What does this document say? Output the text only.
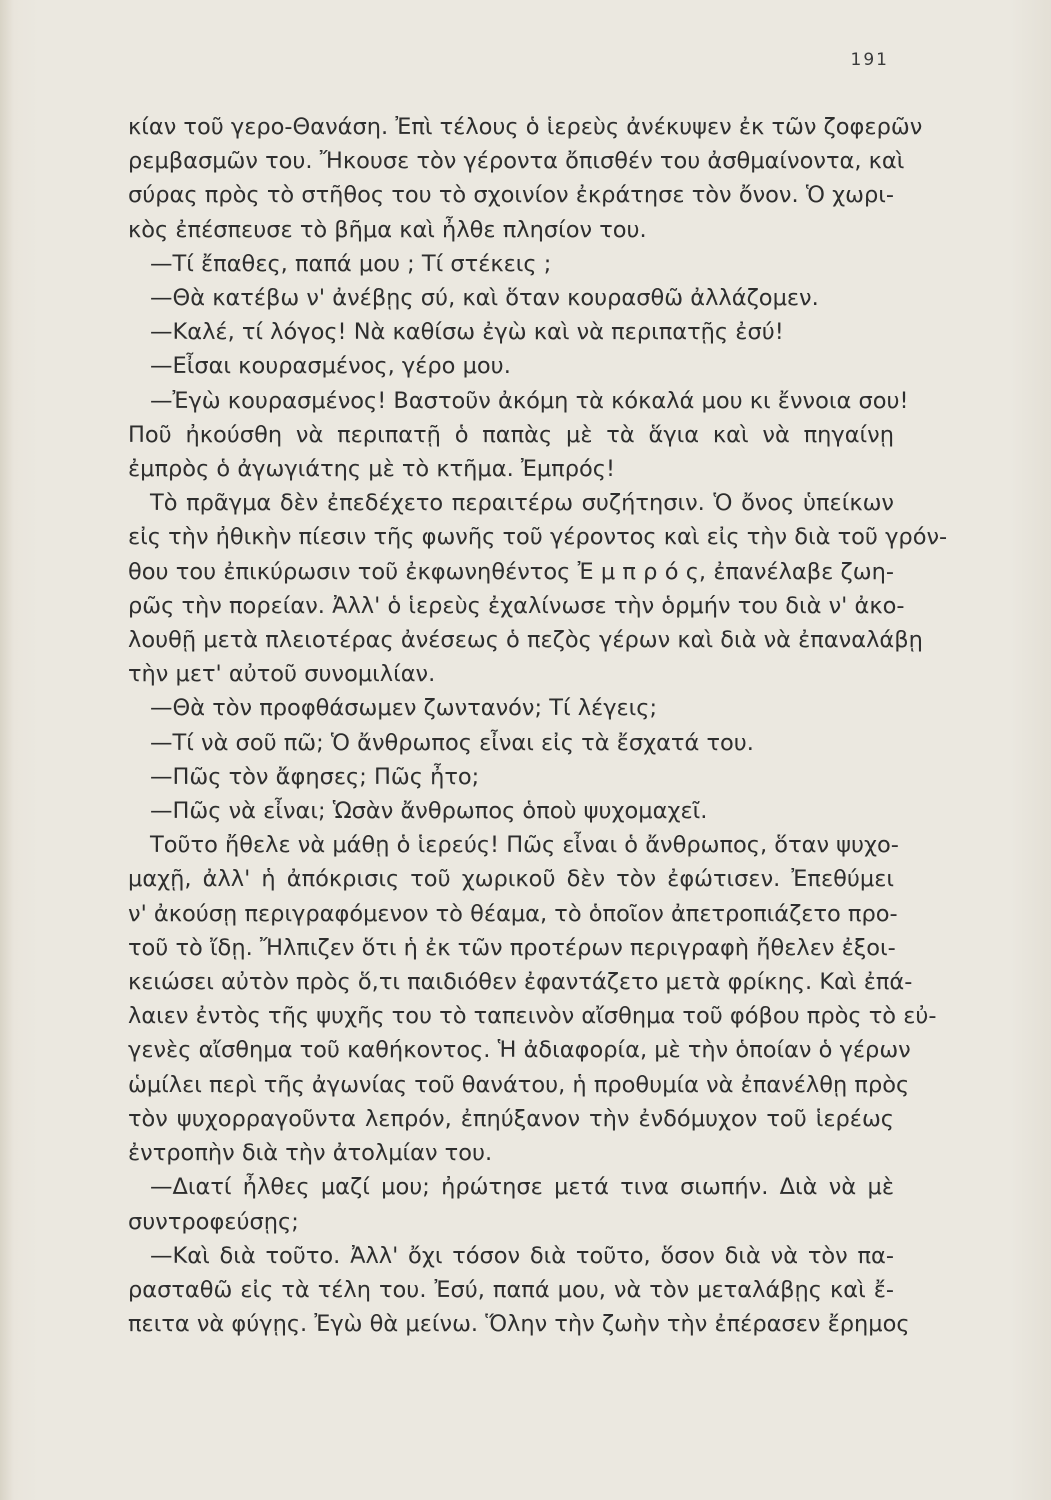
191
κίαν τοῦ γερο-Θανάση. Ἐπὶ τέλους ὁ ἱερεὺς ἀνέκυψεν ἐκ τῶν ζοφερῶν
ρεμβασμῶν του. Ἤκουσε τὸν γέροντα ὄπισθέν του ἀσθμαίνοντα, καὶ
σύρας πρὸς τὸ στῆθος του τὸ σχοινίον ἐκράτησε τὸν ὄνον. Ὁ χωρι-
κὸς ἐπέσπευσε τὸ βῆμα καὶ ἦλθε πλησίον του.
—Τί ἔπαθες, παπά μου ; Τί στέκεις ;
—Θὰ κατέβω ν' ἀνέβῃς σύ, καὶ ὅταν κουρασθῶ ἀλλάζομεν.
—Καλέ, τί λόγος! Νὰ καθίσω ἐγὼ καὶ νὰ περιπατῇς ἐσύ!
—Εἶσαι κουρασμένος, γέρο μου.
—Ἐγὼ κουρασμένος! Βαστοῦν ἀκόμη τὰ κόκαλά μου κι ἔννοια σου!
Ποῦ ἠκούσθη νὰ περιπατῇ ὁ παπὰς μὲ τὰ ἅγια καὶ νὰ πηγαίνῃ
ἐμπρὸς ὁ ἀγωγιάτης μὲ τὸ κτῆμα. Ἐμπρός!
Τὸ πρᾶγμα δὲν ἐπεδέχετο περαιτέρω συζήτησιν. Ὁ ὄνος ὑπείκων
εἰς τὴν ἠθικὴν πίεσιν τῆς φωνῆς τοῦ γέροντος καὶ εἰς τὴν διὰ τοῦ γρόν-
θου του ἐπικύρωσιν τοῦ ἐκφωνηθέντος Ἐ μ π ρ ό ς, ἐπανέλαβε ζωη-
ρῶς τὴν πορείαν. Ἀλλ' ὁ ἱερεὺς ἐχαλίνωσε τὴν ὁρμήν του διὰ ν' ἀκο-
λουθῇ μετὰ πλειοτέρας ἀνέσεως ὁ πεζὸς γέρων καὶ διὰ νὰ ἐπαναλάβῃ
τὴν μετ' αὐτοῦ συνομιλίαν.
—Θὰ τὸν προφθάσωμεν ζωντανόν; Τί λέγεις;
—Τί νὰ σοῦ πῶ; Ὁ ἄνθρωπος εἶναι εἰς τὰ ἔσχατά του.
—Πῶς τὸν ἄφησες; Πῶς ἦτο;
—Πῶς νὰ εἶναι; Ὡσὰν ἄνθρωπος ὁποὺ ψυχομαχεῖ.
Τοῦτο ἤθελε νὰ μάθῃ ὁ ἱερεύς! Πῶς εἶναι ὁ ἄνθρωπος, ὅταν ψυχο-
μαχῇ, ἀλλ' ἡ ἀπόκρισις τοῦ χωρικοῦ δὲν τὸν ἐφώτισεν. Ἐπεθύμει
ν' ἀκούσῃ περιγραφόμενον τὸ θέαμα, τὸ ὁποῖον ἀπετροπιάζετο προ-
τοῦ τὸ ἴδῃ. Ἤλπιζεν ὅτι ἡ ἐκ τῶν προτέρων περιγραφὴ ἤθελεν ἐξοι-
κειώσει αὐτὸν πρὸς ὅ,τι παιδιόθεν ἐφαντάζετο μετὰ φρίκης. Καὶ ἐπά-
λαιεν ἐντὸς τῆς ψυχῆς του τὸ ταπεινὸν αἴσθημα τοῦ φόβου πρὸς τὸ εὐ-
γενὲς αἴσθημα τοῦ καθήκοντος. Ἡ ἀδιαφορία, μὲ τὴν ὁποίαν ὁ γέρων
ὡμίλει περὶ τῆς ἀγωνίας τοῦ θανάτου, ἡ προθυμία νὰ ἐπανέλθῃ πρὸς
τὸν ψυχορραγοῦντα λεπρόν, ἐπηύξανον τὴν ἐνδόμυχον τοῦ ἱερέως
ἐντροπὴν διὰ τὴν ἀτολμίαν του.
—Διατί ἦλθες μαζί μου; ἠρώτησε μετά τινα σιωπήν. Διὰ νὰ μὲ
συντροφεύσῃς;
—Καὶ διὰ τοῦτο. Ἀλλ' ὄχι τόσον διὰ τοῦτο, ὅσον διὰ νὰ τὸν πα-
ρασταθῶ εἰς τὰ τέλη του. Ἐσύ, παπά μου, νὰ τὸν μεταλάβῃς καὶ ἔ-
πειτα νὰ φύγῃς. Ἐγὼ θὰ μείνω. Ὅλην τὴν ζωὴν τὴν ἐπέρασεν ἔρημος
